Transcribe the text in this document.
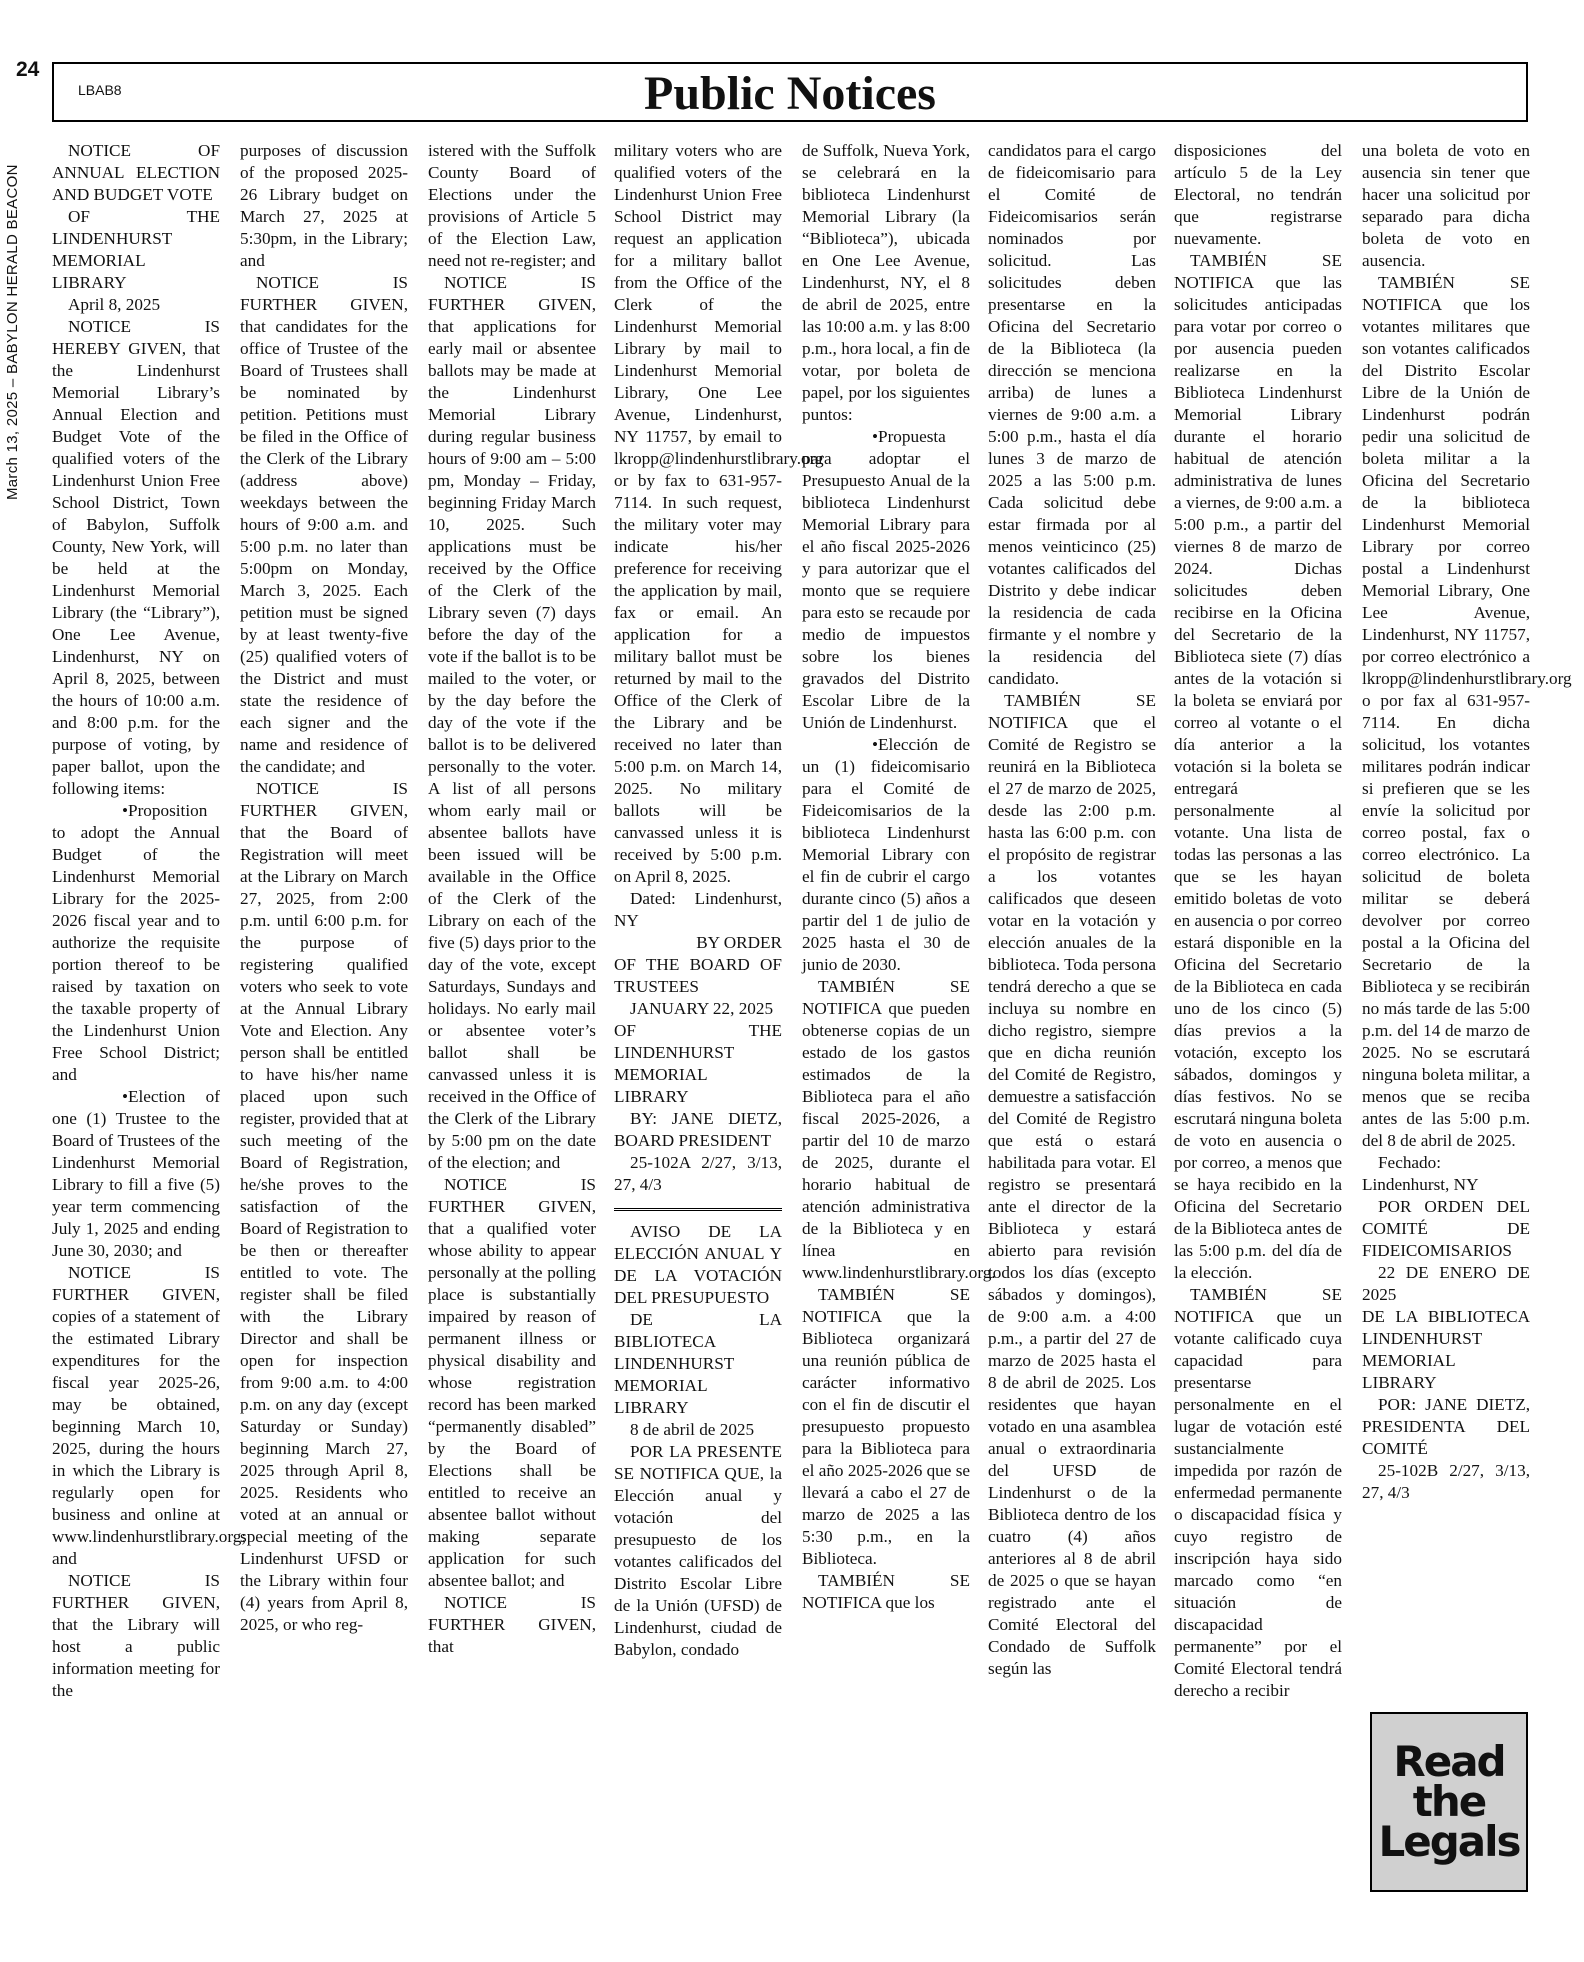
24
March 13, 2025 – BABYLON HERALD BEACON
LBAB8	Public Notices

NOTICE OF ANNUAL ELECTION AND BUDGET VOTE

OF THE LINDENHURST MEMORIAL LIBRARY

April 8, 2025

NOTICE IS HEREBY GIVEN, that the Lindenhurst Memorial Library’s Annual Election and Budget Vote of the qualified voters of the Lindenhurst Union Free School District, Town of Babylon, Suffolk County, New York, will be held at the Lindenhurst Memorial Library (the “Library”), One Lee Avenue, Lindenhurst, NY on April 8, 2025, between the hours of 10:00 a.m. and 8:00 p.m. for the purpose of voting, by paper ballot, upon the following items:

•Proposition to adopt the Annual Budget of the Lindenhurst Memorial Library for the 2025-2026 fiscal year and to authorize the requisite portion thereof to be raised by taxation on the taxable property of the Lindenhurst Union Free School District; and

•Election of one (1) Trustee to the Board of Trustees of the Lindenhurst Memorial Library to fill a five (5) year term commencing July 1, 2025 and ending June 30, 2030; and

NOTICE IS FURTHER GIVEN, copies of a statement of the estimated Library expenditures for the fiscal year 2025-26, may be obtained, beginning March 10, 2025, during the hours in which the Library is regularly open for business and online at www.lindenhurstlibrary.org; and

NOTICE IS FURTHER GIVEN, that the Library will host a public information meeting for the

purposes of discussion of the proposed 2025-26 Library budget on March 27, 2025 at 5:30pm, in the Library; and

NOTICE IS FURTHER GIVEN, that candidates for the office of Trustee of the Board of Trustees shall be nominated by petition. Petitions must be filed in the Office of the Clerk of the Library (address above) weekdays between the hours of 9:00 a.m. and 5:00 p.m. no later than 5:00pm on Monday, March 3, 2025. Each petition must be signed by at least twenty-five (25) qualified voters of the District and must state the residence of each signer and the name and residence of the candidate; and

NOTICE IS FURTHER GIVEN, that the Board of Registration will meet at the Library on March 27, 2025, from 2:00 p.m. until 6:00 p.m. for the purpose of registering qualified voters who seek to vote at the Annual Library Vote and Election. Any person shall be entitled to have his/her name placed upon such register, provided that at such meeting of the Board of Registration, he/she proves to the satisfaction of the Board of Registration to be then or thereafter entitled to vote. The register shall be filed with the Library Director and shall be open for inspection from 9:00 a.m. to 4:00 p.m. on any day (except Saturday or Sunday) beginning March 27, 2025 through April 8, 2025. Residents who voted at an annual or special meeting of the Lindenhurst UFSD or the Library within four (4) years from April 8, 2025, or who reg-

istered with the Suffolk County Board of Elections under the provisions of Article 5 of the Election Law, need not re-register; and

NOTICE IS FURTHER GIVEN, that applications for early mail or absentee ballots may be made at the Lindenhurst Memorial Library during regular business hours of 9:00 am – 5:00 pm, Monday – Friday, beginning Friday March 10, 2025. Such applications must be received by the Office of the Clerk of the Library seven (7) days before the day of the vote if the ballot is to be mailed to the voter, or by the day before the day of the vote if the ballot is to be delivered personally to the voter. A list of all persons whom early mail or absentee ballots have been issued will be available in the Office of the Clerk of the Library on each of the five (5) days prior to the day of the vote, except Saturdays, Sundays and holidays. No early mail or absentee voter’s ballot shall be canvassed unless it is received in the Office of the Clerk of the Library by 5:00 pm on the date of the election; and

NOTICE IS FURTHER GIVEN, that a qualified voter whose ability to appear personally at the polling place is substantially impaired by reason of permanent illness or physical disability and whose registration record has been marked “permanently disabled” by the Board of Elections shall be entitled to receive an absentee ballot without making separate application for such absentee ballot; and

NOTICE IS FURTHER GIVEN, that

military voters who are qualified voters of the Lindenhurst Union Free School District may request an application for a military ballot from the Office of the Clerk of the Lindenhurst Memorial Library by mail to Lindenhurst Memorial Library, One Lee Avenue, Lindenhurst, NY 11757, by email to lkropp@lindenhurstlibrary.org or by fax to 631-957-7114. In such request, the military voter may indicate his/her preference for receiving the application by mail, fax or email. An application for a military ballot must be returned by mail to the Office of the Clerk of the Library and be received no later than 5:00 p.m. on March 14, 2025. No military ballots will be canvassed unless it is received by 5:00 p.m. on April 8, 2025.

Dated: Lindenhurst, NY

BY ORDER

OF THE BOARD OF TRUSTEES

JANUARY 22, 2025

OF THE LINDENHURST MEMORIAL LIBRARY

BY: JANE DIETZ, BOARD PRESIDENT

25-102A 2/27, 3/13, 27, 4/3

AVISO DE LA ELECCIÓN ANUAL Y DE LA VOTACIÓN DEL PRESUPUESTO

DE LA BIBLIOTECA LINDENHURST MEMORIAL LIBRARY

8 de abril de 2025

POR LA PRESENTE SE NOTIFICA QUE, la Elección anual y votación del presupuesto de los votantes calificados del Distrito Escolar Libre de la Unión (UFSD) de Lindenhurst, ciudad de Babylon, condado

de Suffolk, Nueva York, se celebrará en la biblioteca Lindenhurst Memorial Library (la “Biblioteca”), ubicada en One Lee Avenue, Lindenhurst, NY, el 8 de abril de 2025, entre las 10:00 a.m. y las 8:00 p.m., hora local, a fin de votar, por boleta de papel, por los siguientes puntos:

•Propuesta para adoptar el Presupuesto Anual de la biblioteca Lindenhurst Memorial Library para el año fiscal 2025-2026 y para autorizar que el monto que se requiere para esto se recaude por medio de impuestos sobre los bienes gravados del Distrito Escolar Libre de la Unión de Lindenhurst.

•Elección de un (1) fideicomisario para el Comité de Fideicomisarios de la biblioteca Lindenhurst Memorial Library con el fin de cubrir el cargo durante cinco (5) años a partir del 1 de julio de 2025 hasta el 30 de junio de 2030.

TAMBIÉN SE NOTIFICA que pueden obtenerse copias de un estado de los gastos estimados de la Biblioteca para el año fiscal 2025-2026, a partir del 10 de marzo de 2025, durante el horario habitual de atención administrativa de la Biblioteca y en línea en www.lindenhurstlibrary.org.

TAMBIÉN SE NOTIFICA que la Biblioteca organizará una reunión pública de carácter informativo con el fin de discutir el presupuesto propuesto para la Biblioteca para el año 2025-2026 que se llevará a cabo el 27 de marzo de 2025 a las 5:30 p.m., en la Biblioteca.

TAMBIÉN SE NOTIFICA que los

candidatos para el cargo de fideicomisario para el Comité de Fideicomisarios serán nominados por solicitud. Las solicitudes deben presentarse en la Oficina del Secretario de la Biblioteca (la dirección se menciona arriba) de lunes a viernes de 9:00 a.m. a 5:00 p.m., hasta el día lunes 3 de marzo de 2025 a las 5:00 p.m. Cada solicitud debe estar firmada por al menos veinticinco (25) votantes calificados del Distrito y debe indicar la residencia de cada firmante y el nombre y la residencia del candidato.

TAMBIÉN SE NOTIFICA que el Comité de Registro se reunirá en la Biblioteca el 27 de marzo de 2025, desde las 2:00 p.m. hasta las 6:00 p.m. con el propósito de registrar a los votantes calificados que deseen votar en la votación y elección anuales de la biblioteca. Toda persona tendrá derecho a que se incluya su nombre en dicho registro, siempre que en dicha reunión del Comité de Registro, demuestre a satisfacción del Comité de Registro que está o estará habilitada para votar. El registro se presentará ante el director de la Biblioteca y estará abierto para revisión todos los días (excepto sábados y domingos), de 9:00 a.m. a 4:00 p.m., a partir del 27 de marzo de 2025 hasta el 8 de abril de 2025. Los residentes que hayan votado en una asamblea anual o extraordinaria del UFSD de Lindenhurst o de la Biblioteca dentro de los cuatro (4) años anteriores al 8 de abril de 2025 o que se hayan registrado ante el Comité Electoral del Condado de Suffolk según las

disposiciones del artículo 5 de la Ley Electoral, no tendrán que registrarse nuevamente.

TAMBIÉN SE NOTIFICA que las solicitudes anticipadas para votar por correo o por ausencia pueden realizarse en la Biblioteca Lindenhurst Memorial Library durante el horario habitual de atención administrativa de lunes a viernes, de 9:00 a.m. a 5:00 p.m., a partir del viernes 8 de marzo de 2024. Dichas solicitudes deben recibirse en la Oficina del Secretario de la Biblioteca siete (7) días antes de la votación si la boleta se enviará por correo al votante o el día anterior a la votación si la boleta se entregará personalmente al votante. Una lista de todas las personas a las que se les hayan emitido boletas de voto en ausencia o por correo estará disponible en la Oficina del Secretario de la Biblioteca en cada uno de los cinco (5) días previos a la votación, excepto los sábados, domingos y días festivos. No se escrutará ninguna boleta de voto en ausencia o por correo, a menos que se haya recibido en la Oficina del Secretario de la Biblioteca antes de las 5:00 p.m. del día de la elección.

TAMBIÉN SE NOTIFICA que un votante calificado cuya capacidad para presentarse personalmente en el lugar de votación esté sustancialmente impedida por razón de enfermedad permanente o discapacidad física y cuyo registro de inscripción haya sido marcado como “en situación de discapacidad permanente” por el Comité Electoral tendrá derecho a recibir

una boleta de voto en ausencia sin tener que hacer una solicitud por separado para dicha boleta de voto en ausencia.

TAMBIÉN SE NOTIFICA que los votantes militares que son votantes calificados del Distrito Escolar Libre de la Unión de Lindenhurst podrán pedir una solicitud de boleta militar a la Oficina del Secretario de la biblioteca Lindenhurst Memorial Library por correo postal a Lindenhurst Memorial Library, One Lee Avenue, Lindenhurst, NY 11757, por correo electrónico a lkropp@lindenhurstlibrary.org o por fax al 631-957-7114. En dicha solicitud, los votantes militares podrán indicar si prefieren que se les envíe la solicitud por correo postal, fax o correo electrónico. La solicitud de boleta militar se deberá devolver por correo postal a la Oficina del Secretario de la Biblioteca y se recibirán no más tarde de las 5:00 p.m. del 14 de marzo de 2025. No se escrutará ninguna boleta militar, a menos que se reciba antes de las 5:00 p.m. del 8 de abril de 2025.

Fechado: Lindenhurst, NY

POR ORDEN DEL COMITÉ DE FIDEICOMISARIOS

22 DE ENERO DE 2025

DE LA BIBLIOTECA LINDENHURST MEMORIAL LIBRARY

POR: JANE DIETZ, PRESIDENTA DEL COMITÉ

25-102B 2/27, 3/13, 27, 4/3

Read
the
Legals
